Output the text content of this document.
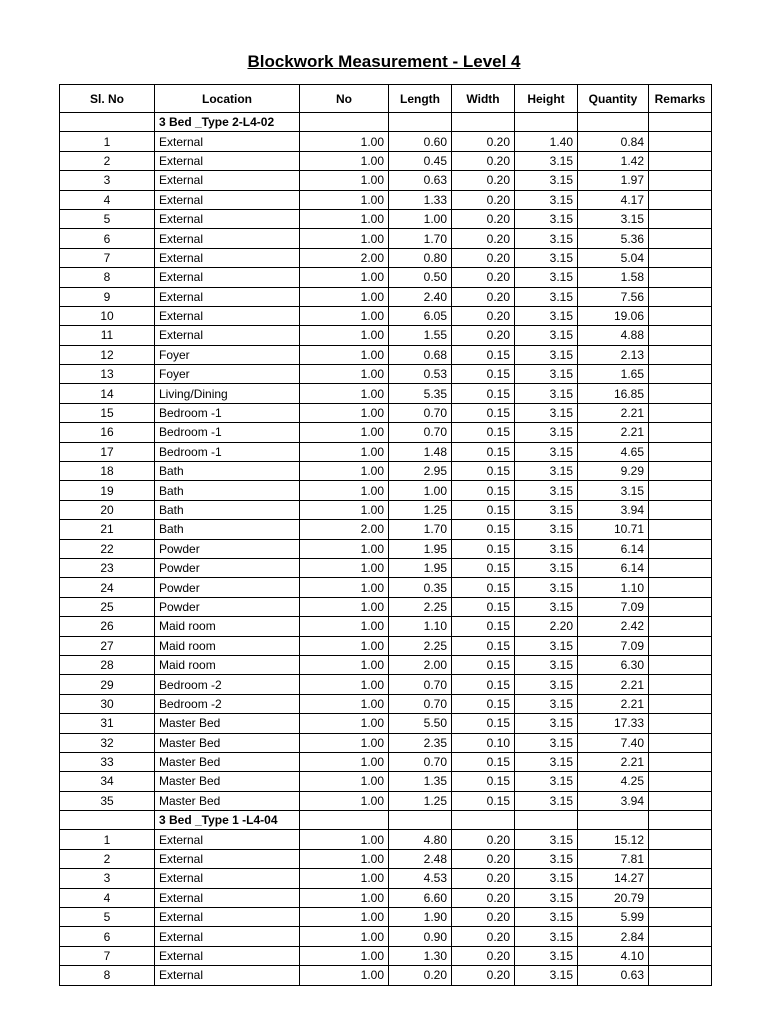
Blockwork Measurement - Level 4
Sl. No	Location	No	Length	Width	Height	Quantity	Remarks
	3 Bed _Type 2-L4-02						
1	External	1.00	0.60	0.20	1.40	0.84	
2	External	1.00	0.45	0.20	3.15	1.42	
3	External	1.00	0.63	0.20	3.15	1.97	
4	External	1.00	1.33	0.20	3.15	4.17	
5	External	1.00	1.00	0.20	3.15	3.15	
6	External	1.00	1.70	0.20	3.15	5.36	
7	External	2.00	0.80	0.20	3.15	5.04	
8	External	1.00	0.50	0.20	3.15	1.58	
9	External	1.00	2.40	0.20	3.15	7.56	
10	External	1.00	6.05	0.20	3.15	19.06	
11	External	1.00	1.55	0.20	3.15	4.88	
12	Foyer	1.00	0.68	0.15	3.15	2.13	
13	Foyer	1.00	0.53	0.15	3.15	1.65	
14	Living/Dining	1.00	5.35	0.15	3.15	16.85	
15	Bedroom -1	1.00	0.70	0.15	3.15	2.21	
16	Bedroom -1	1.00	0.70	0.15	3.15	2.21	
17	Bedroom -1	1.00	1.48	0.15	3.15	4.65	
18	Bath	1.00	2.95	0.15	3.15	9.29	
19	Bath	1.00	1.00	0.15	3.15	3.15	
20	Bath	1.00	1.25	0.15	3.15	3.94	
21	Bath	2.00	1.70	0.15	3.15	10.71	
22	Powder	1.00	1.95	0.15	3.15	6.14	
23	Powder	1.00	1.95	0.15	3.15	6.14	
24	Powder	1.00	0.35	0.15	3.15	1.10	
25	Powder	1.00	2.25	0.15	3.15	7.09	
26	Maid room	1.00	1.10	0.15	2.20	2.42	
27	Maid room	1.00	2.25	0.15	3.15	7.09	
28	Maid room	1.00	2.00	0.15	3.15	6.30	
29	Bedroom -2	1.00	0.70	0.15	3.15	2.21	
30	Bedroom -2	1.00	0.70	0.15	3.15	2.21	
31	Master Bed	1.00	5.50	0.15	3.15	17.33	
32	Master Bed	1.00	2.35	0.10	3.15	7.40	
33	Master Bed	1.00	0.70	0.15	3.15	2.21	
34	Master Bed	1.00	1.35	0.15	3.15	4.25	
35	Master Bed	1.00	1.25	0.15	3.15	3.94	
	3 Bed _Type 1 -L4-04						
1	External	1.00	4.80	0.20	3.15	15.12	
2	External	1.00	2.48	0.20	3.15	7.81	
3	External	1.00	4.53	0.20	3.15	14.27	
4	External	1.00	6.60	0.20	3.15	20.79	
5	External	1.00	1.90	0.20	3.15	5.99	
6	External	1.00	0.90	0.20	3.15	2.84	
7	External	1.00	1.30	0.20	3.15	4.10	
8	External	1.00	0.20	0.20	3.15	0.63	
